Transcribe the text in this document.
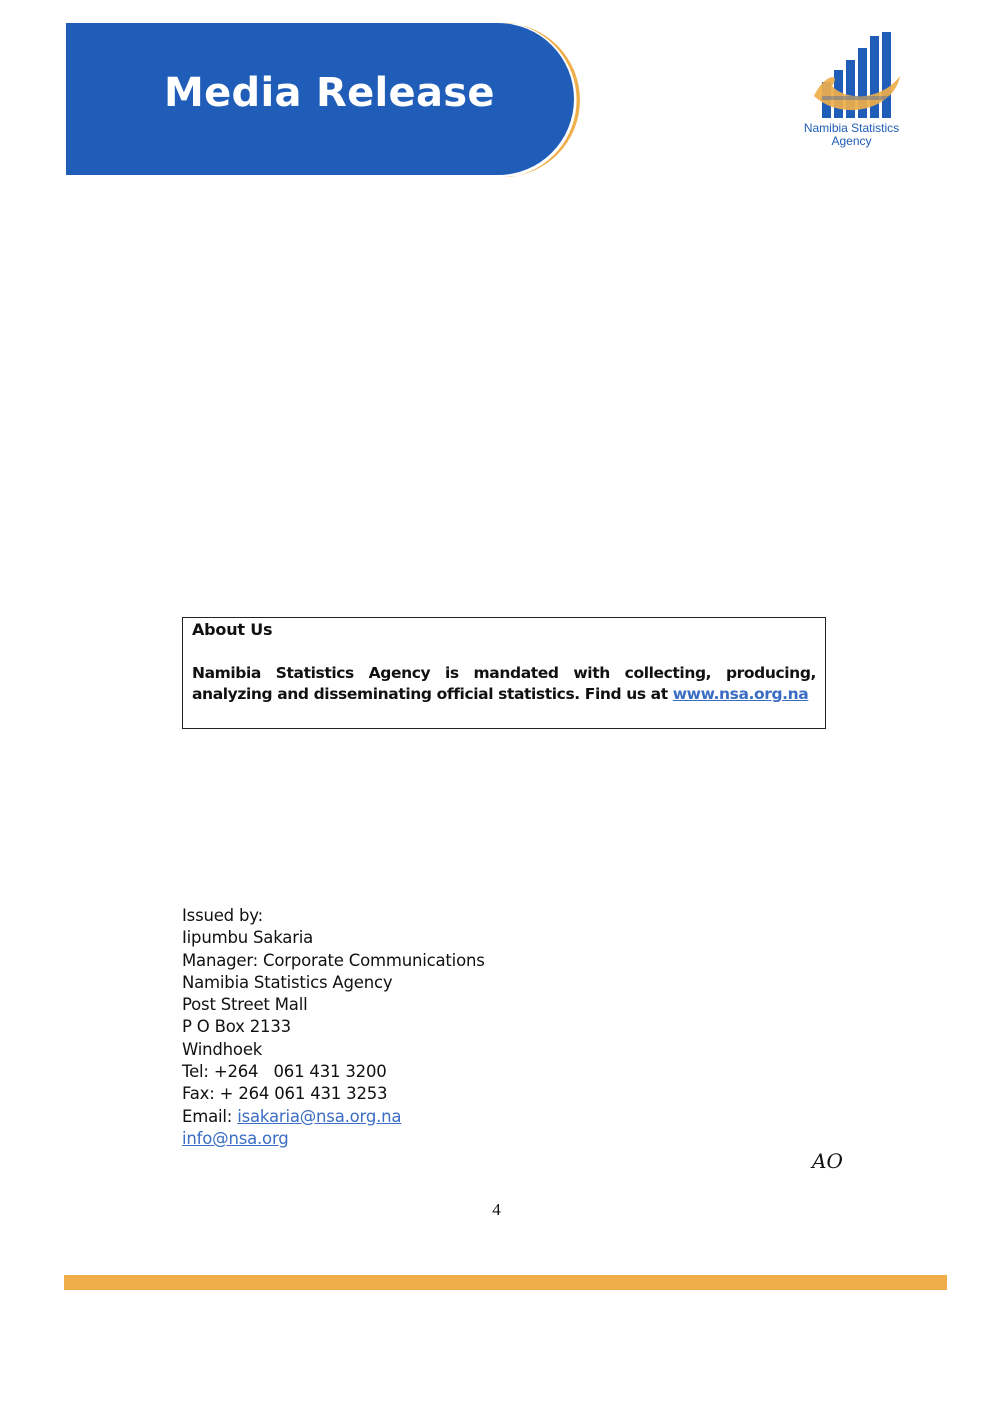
Media Release
Namibia Statistics
Agency
About Us
Namibia Statistics Agency is mandated with collecting, producing, analyzing and disseminating official statistics. Find us at www.nsa.org.na
Issued by:
Iipumbu Sakaria
Manager: Corporate Communications
Namibia Statistics Agency
Post Street Mall
P O Box 2133
Windhoek
Tel: +264   061 431 3200
Fax: + 264 061 431 3253
Email: isakaria@nsa.org.na
info@nsa.org
AO
4
